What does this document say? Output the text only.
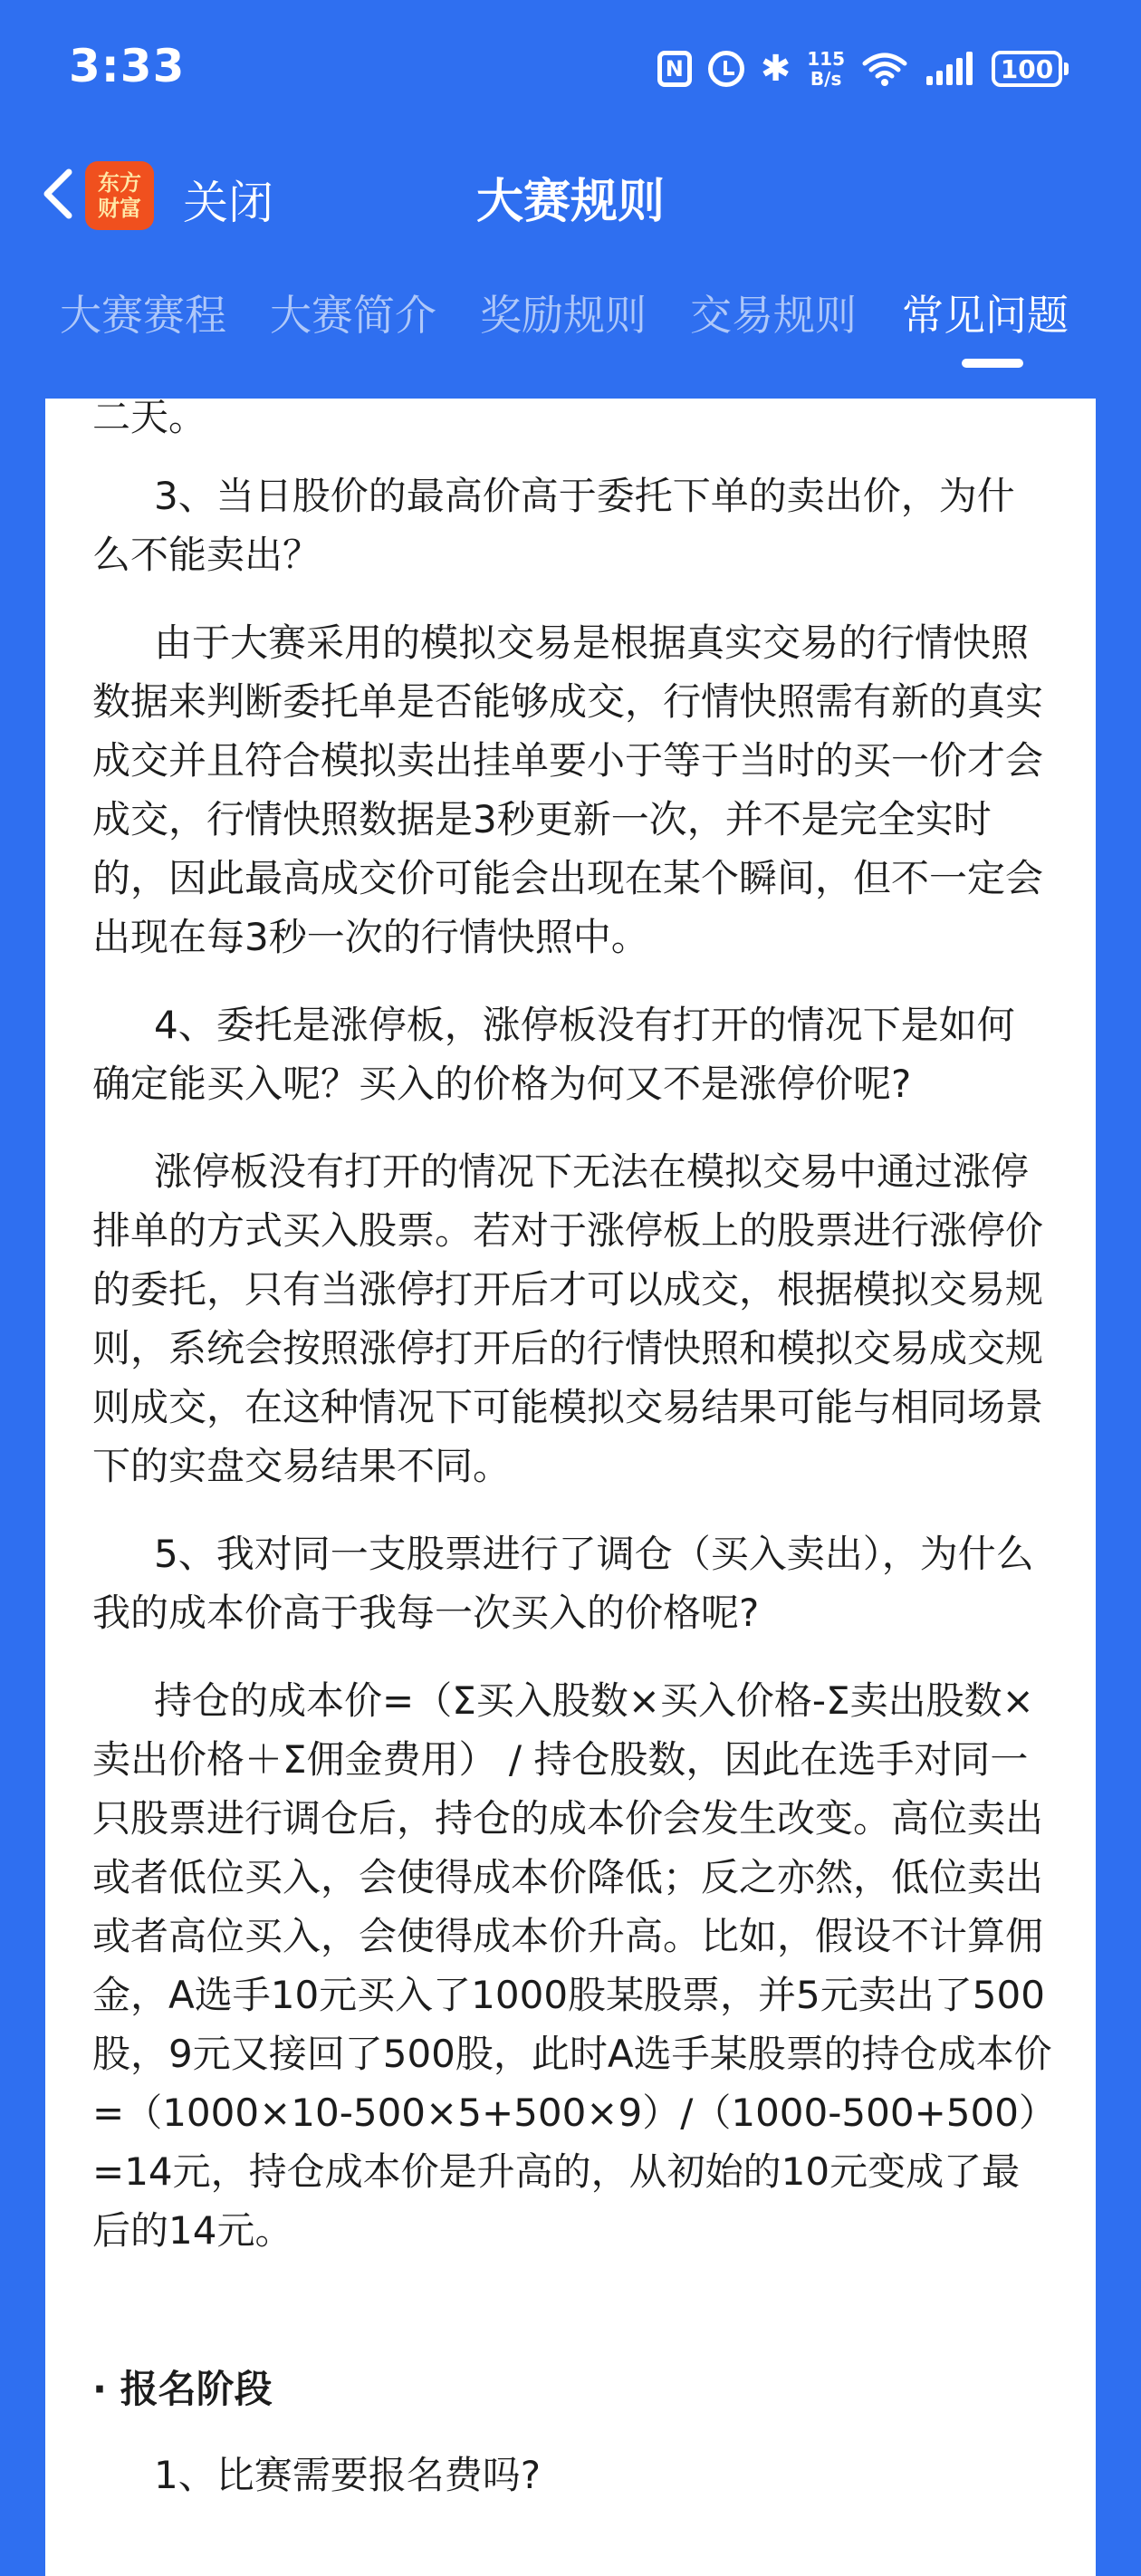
3:33	N ✱ 115
B/s	100
东方
财富 关闭	大赛规则
大赛赛程 大赛简介 奖励规则 交易规则 常见问题

二天。

3、当日股价的最高价高于委托下单的卖出价，为什么不能卖出？

由于大赛采用的模拟交易是根据真实交易的行情快照数据来判断委托单是否能够成交，行情快照需有新的真实成交并且符合模拟卖出挂单要小于等于当时的买一价才会成交，行情快照数据是3秒更新一次，并不是完全实时的，因此最高成交价可能会出现在某个瞬间，但不一定会出现在每3秒一次的行情快照中。

4、委托是涨停板，涨停板没有打开的情况下是如何确定能买入呢？买入的价格为何又不是涨停价呢?

涨停板没有打开的情况下无法在模拟交易中通过涨停排单的方式买入股票。若对于涨停板上的股票进行涨停价的委托，只有当涨停打开后才可以成交，根据模拟交易规则，系统会按照涨停打开后的行情快照和模拟交易成交规则成交，在这种情况下可能模拟交易结果可能与相同场景下的实盘交易结果不同。

5、我对同一支股票进行了调仓（买入卖出），为什么我的成本价高于我每一次买入的价格呢?

持仓的成本价=（Σ买入股数×买入价格-Σ卖出股数×卖出价格＋Σ佣金费用） / 持仓股数，因此在选手对同一只股票进行调仓后，持仓的成本价会发生改变。高位卖出或者低位买入，会使得成本价降低；反之亦然，低位卖出或者高位买入，会使得成本价升高。比如，假设不计算佣金，A选手10元买入了1000股某股票，并5元卖出了500股，9元又接回了500股，此时A选手某股票的持仓成本价=（1000×10-500×5+500×9）/（1000-500+500）=14元，持仓成本价是升高的，从初始的10元变成了最后的14元。

· 报名阶段

1、比赛需要报名费吗?
